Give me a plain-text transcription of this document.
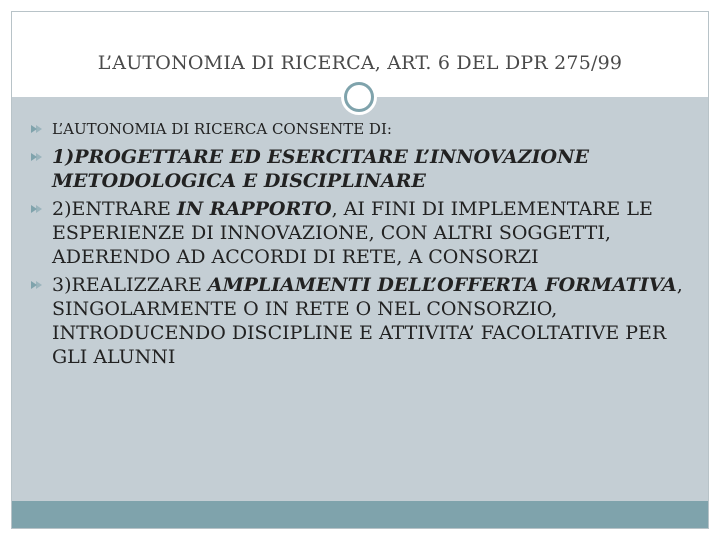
L’AUTONOMIA DI RICERCA, ART. 6 DEL DPR 275/99
L’AUTONOMIA DI RICERCA CONSENTE DI:
1)PROGETTARE ED ESERCITARE L’INNOVAZIONE METODOLOGICA E DISCIPLINARE
2)ENTRARE IN RAPPORTO, AI FINI DI IMPLEMENTARE LE ESPERIENZE DI INNOVAZIONE, CON ALTRI SOGGETTI, ADERENDO AD ACCORDI DI RETE, A CONSORZI
3)REALIZZARE AMPLIAMENTI DELL’OFFERTA FORMATIVA, SINGOLARMENTE O IN RETE O NEL CONSORZIO, INTRODUCENDO DISCIPLINE E ATTIVITA’ FACOLTATIVE PER GLI ALUNNI
